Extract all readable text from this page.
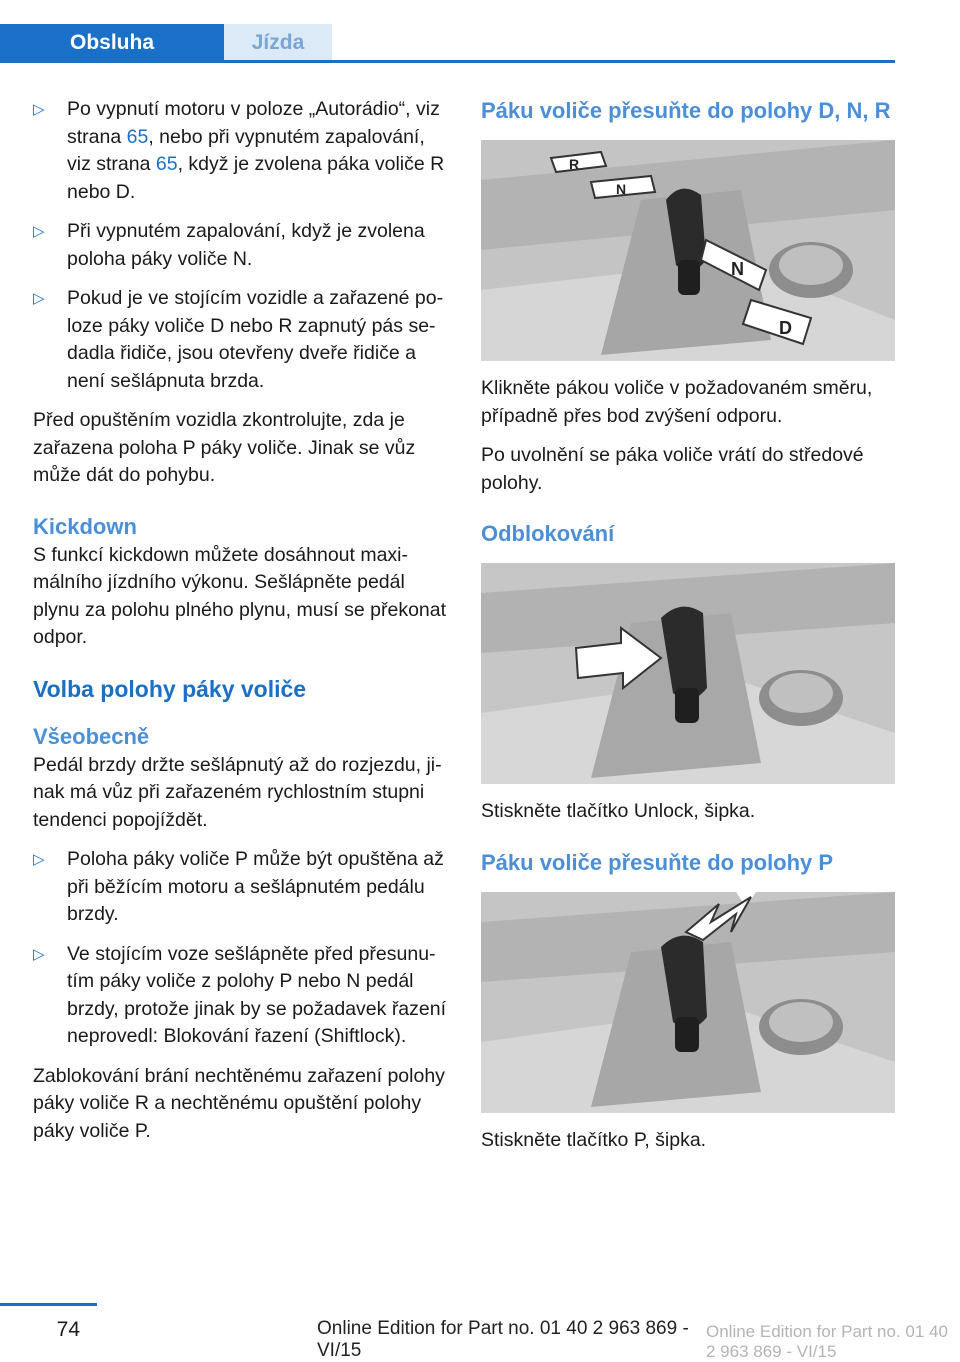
Obsluha	Jízda
▷ Po vypnutí motoru v poloze „Autorádio“, viz strana 65, nebo při vypnutém zapalování, viz strana 65, když je zvolena páka voliče R nebo D.
▷ Při vypnutém zapalování, když je zvolena poloha páky voliče N.
▷ Pokud je ve stojícím vozidle a zařazené poloze páky voliče D nebo R zapnutý pás sedadla řidiče, jsou otevřeny dveře řidiče a není sešlápnuta brzda.

Před opuštěním vozidla zkontrolujte, zda je zařazena poloha P páky voliče. Jinak se vůz může dát do pohybu.

Kickdown

S funkcí kickdown můžete dosáhnout maximálního jízdního výkonu. Sešlápněte pedál plynu za polohu plného plynu, musí se překonat odpor.

Volba polohy páky voliče
Všeobecně

Pedál brzdy držte sešlápnutý až do rozjezdu, jinak má vůz při zařazeném rychlostním stupni tendenci popojíždět.

▷ Poloha páky voliče P může být opuštěna až při běžícím motoru a sešlápnutém pedálu brzdy.
▷ Ve stojícím voze sešlápněte před přesunutím páky voliče z polohy P nebo N pedál brzdy, protože jinak by se požadavek řazení neprovedl: Blokování řazení (Shiftlock).

Zablokování brání nechtěnému zařazení polohy páky voliče R a nechtěnému opuštění polohy páky voliče P.

Páku voliče přesuňte do polohy D, N, R
R
N
N
D

Klikněte pákou voliče v požadovaném směru, případně přes bod zvýšení odporu.

Po uvolnění se páka voliče vrátí do středové polohy.

Odblokování

Stiskněte tlačítko Unlock, šipka.

Páku voliče přesuňte do polohy P

Stiskněte tlačítko P, šipka.

74	Online Edition for Part no. 01 40 2 963 869 - VI/15
Online Edition for Part no. 01 40 2 963 869 - VI/15
